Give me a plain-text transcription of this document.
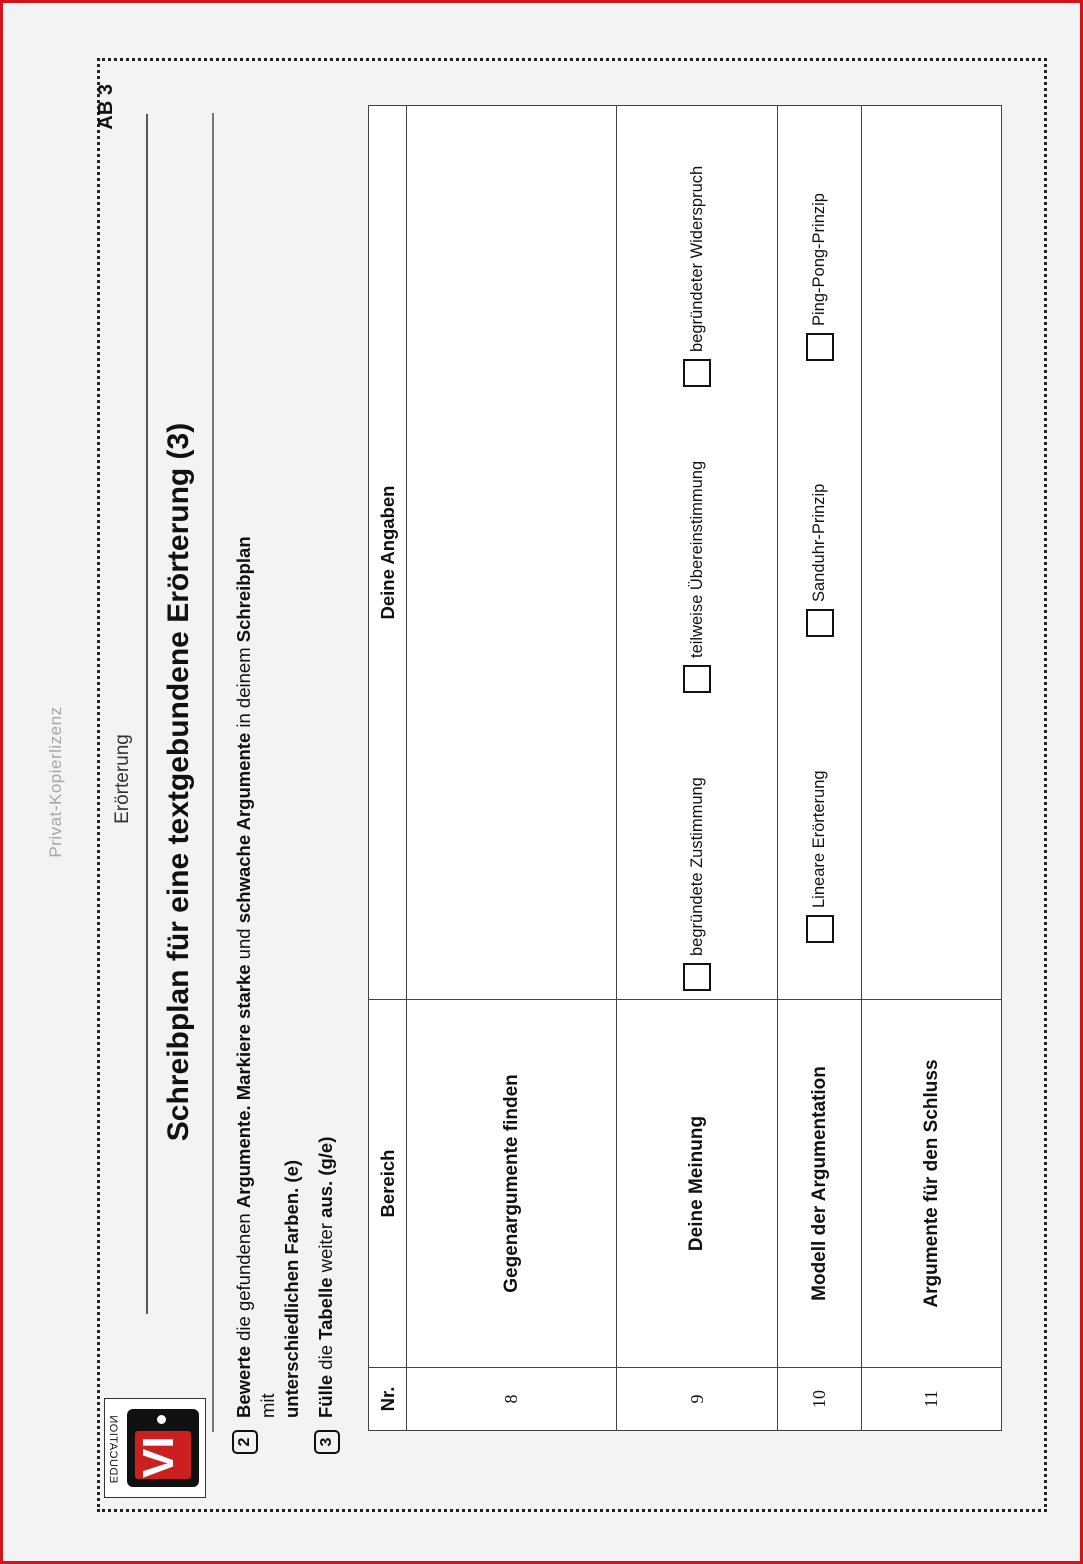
Privat-Kopierlizenz
EDUCATION VI
Erörterung
AB 3
Schreibplan für eine textgebundene Erörterung (3)
2Bewerte die gefundenen Argumente. Markiere starke und schwache Argumente in deinem Schreibplan mit unterschiedlichen Farben. (e)
3Fülle die Tabelle weiter aus. (g/e)
Nr.	Bereich	Deine Angaben
8	Gegenargumente finden	
9	Deine Meinung	begründete Zustimmung
teilweise Übereinstimmung
begründeter Widerspruch

10	Modell der Argumentation	Lineare Erörterung
Sanduhr-Prinzip
Ping-Pong-Prinzip

11	Argumente für den Schluss	
